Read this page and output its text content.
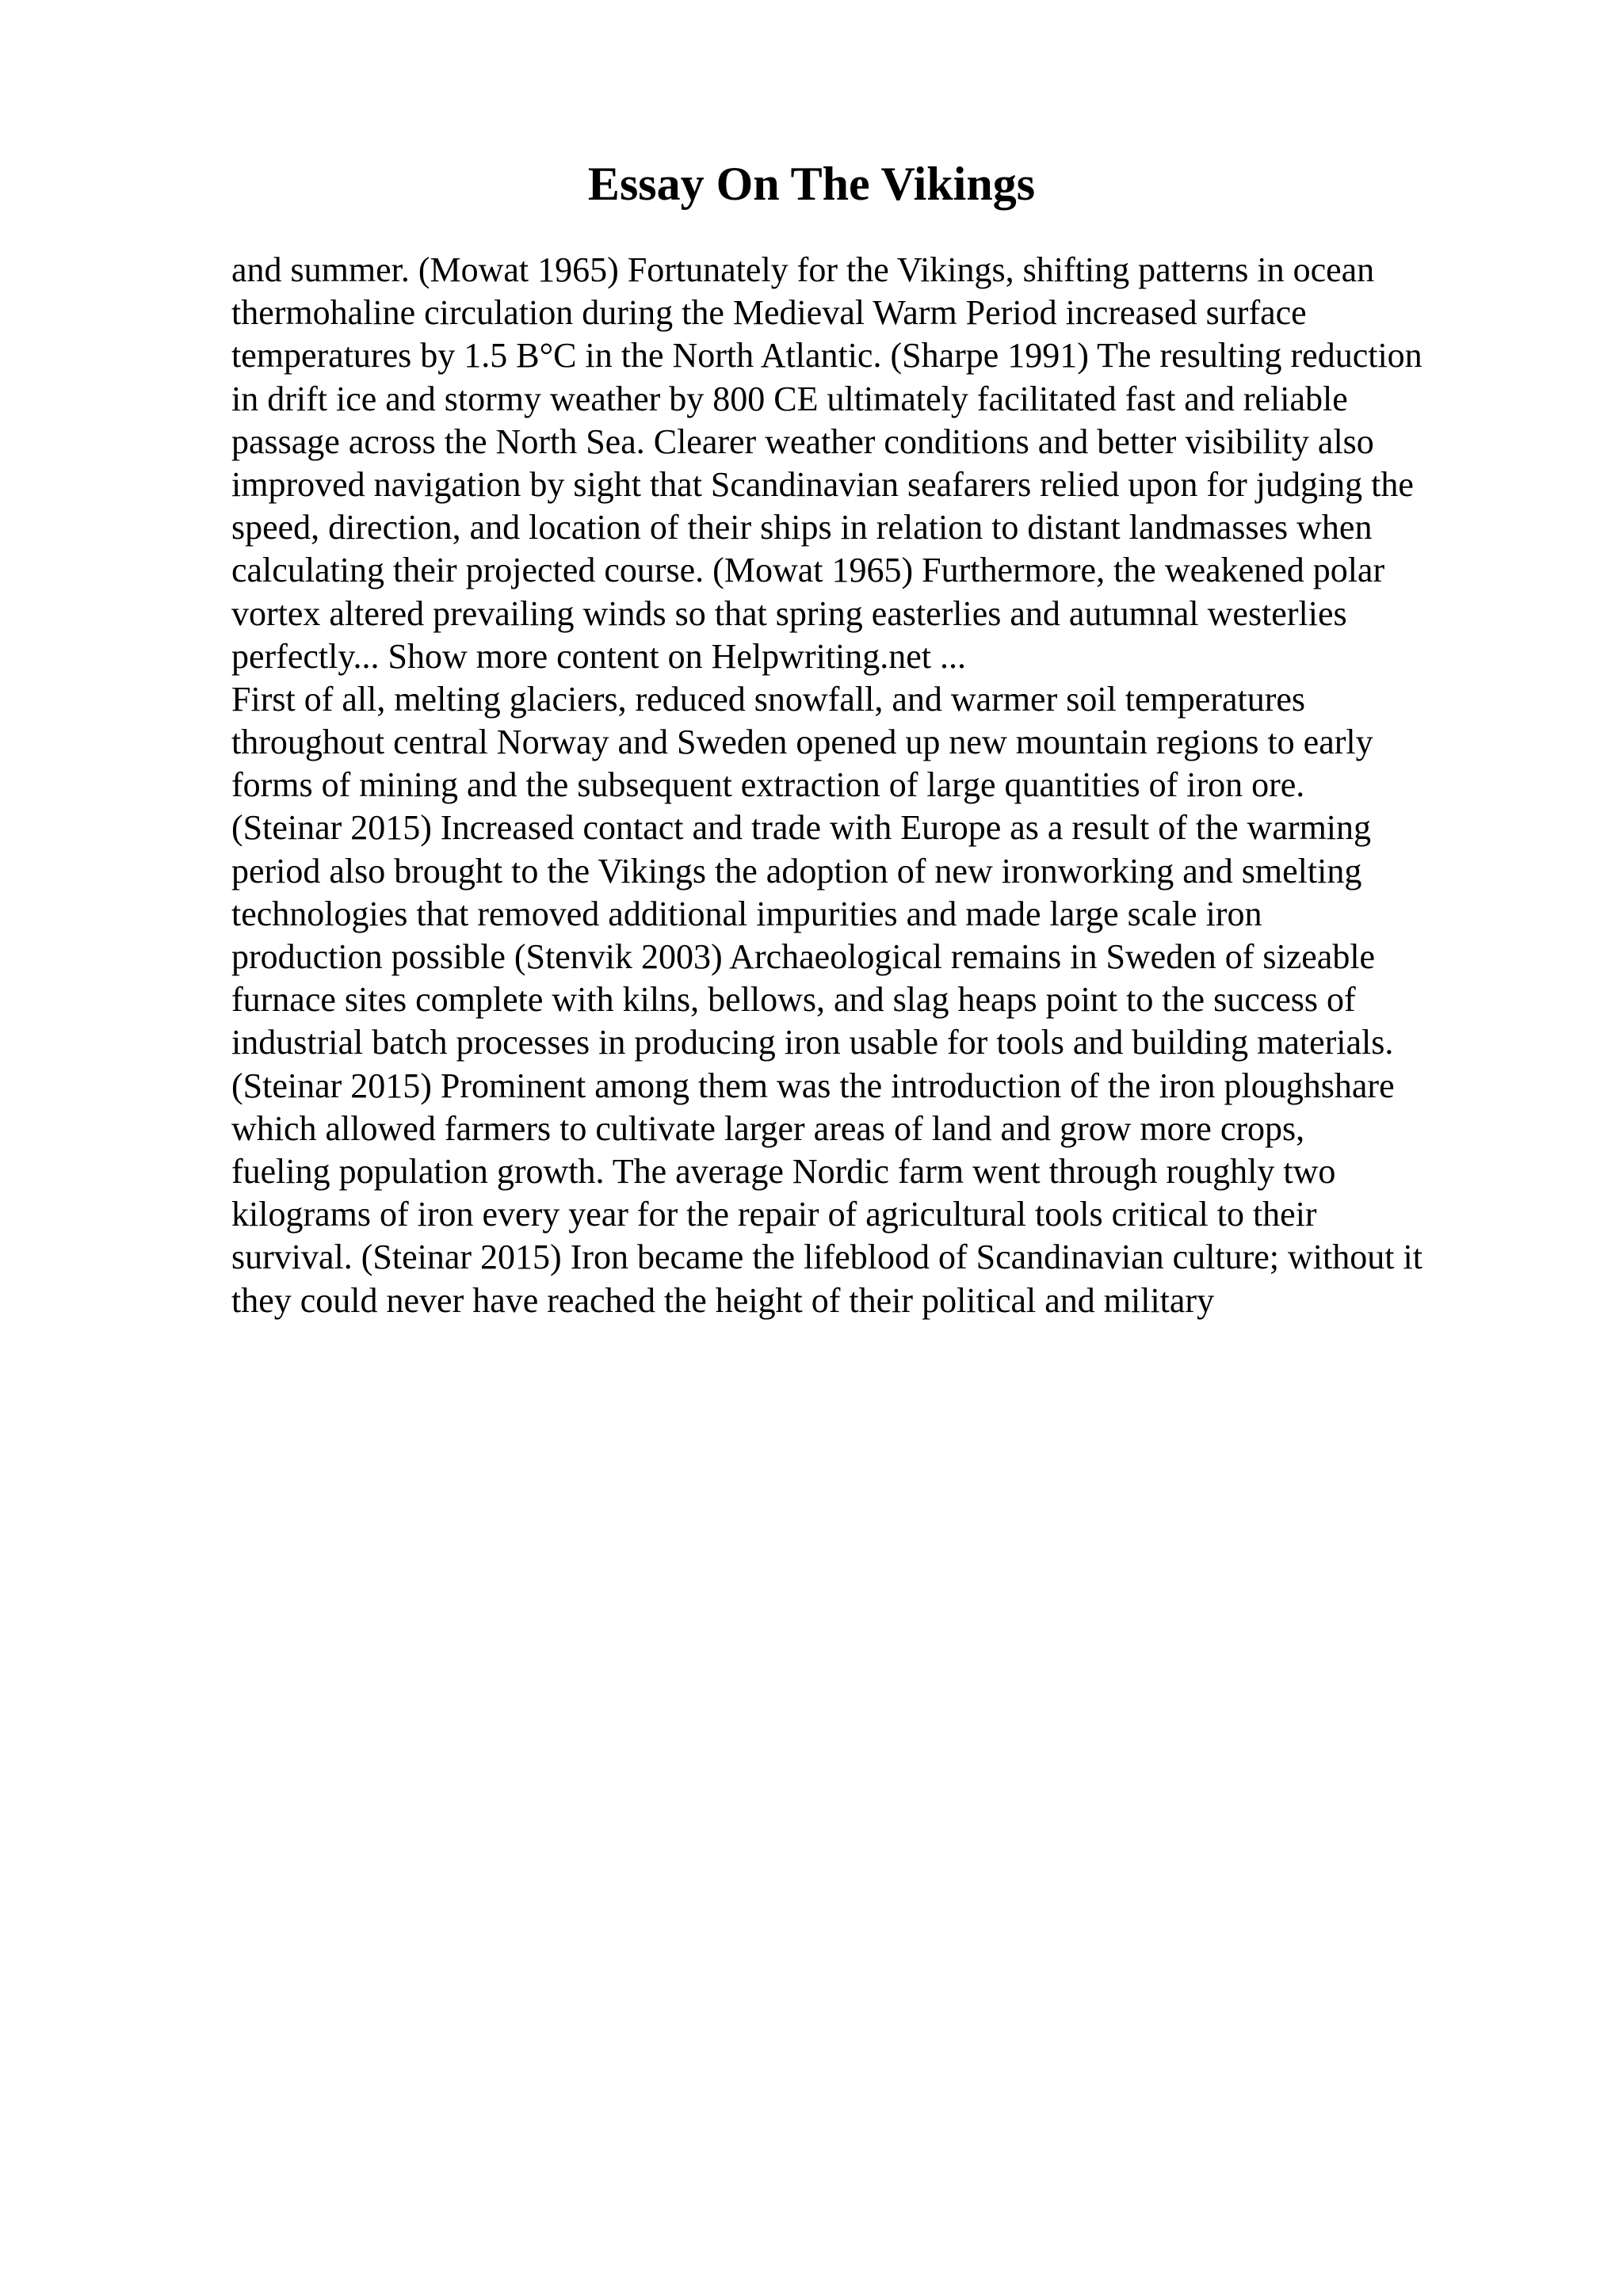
Essay On The Vikings
and summer. (Mowat 1965) Fortunately for the Vikings, shifting patterns in ocean
thermohaline circulation during the Medieval Warm Period increased surface
temperatures by 1.5 B°C in the North Atlantic. (Sharpe 1991) The resulting reduction
in drift ice and stormy weather by 800 CE ultimately facilitated fast and reliable
passage across the North Sea. Clearer weather conditions and better visibility also
improved navigation by sight that Scandinavian seafarers relied upon for judging the
speed, direction, and location of their ships in relation to distant landmasses when
calculating their projected course. (Mowat 1965) Furthermore, the weakened polar
vortex altered prevailing winds so that spring easterlies and autumnal westerlies
perfectly... Show more content on Helpwriting.net ...
First of all, melting glaciers, reduced snowfall, and warmer soil temperatures
throughout central Norway and Sweden opened up new mountain regions to early
forms of mining and the subsequent extraction of large quantities of iron ore.
(Steinar 2015) Increased contact and trade with Europe as a result of the warming
period also brought to the Vikings the adoption of new ironworking and smelting
technologies that removed additional impurities and made large scale iron
production possible (Stenvik 2003) Archaeological remains in Sweden of sizeable
furnace sites complete with kilns, bellows, and slag heaps point to the success of
industrial batch processes in producing iron usable for tools and building materials.
(Steinar 2015) Prominent among them was the introduction of the iron ploughshare
which allowed farmers to cultivate larger areas of land and grow more crops,
fueling population growth. The average Nordic farm went through roughly two
kilograms of iron every year for the repair of agricultural tools critical to their
survival. (Steinar 2015) Iron became the lifeblood of Scandinavian culture; without it
they could never have reached the height of their political and military
